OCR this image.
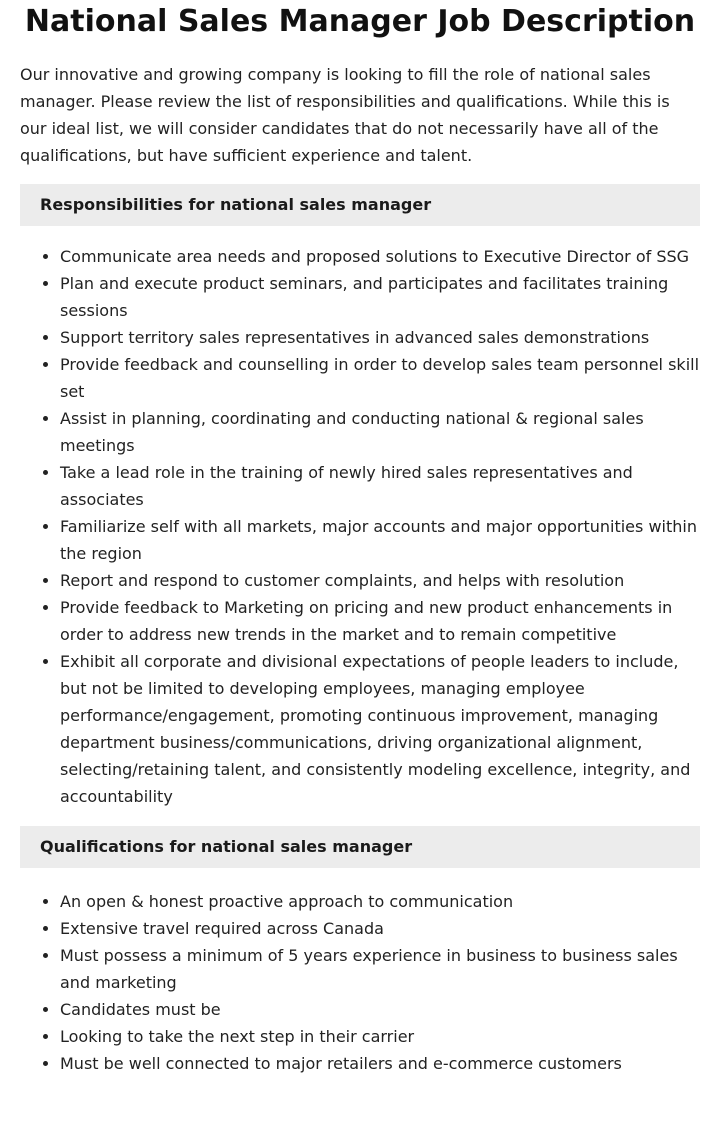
National Sales Manager Job Description

Our innovative and growing company is looking to fill the role of national sales manager. Please review the list of responsibilities and qualifications. While this is our ideal list, we will consider candidates that do not necessarily have all of the qualifications, but have sufficient experience and talent.

Responsibilities for national sales manager
• Communicate area needs and proposed solutions to Executive Director of SSG
• Plan and execute product seminars, and participates and facilitates training sessions
• Support territory sales representatives in advanced sales demonstrations
• Provide feedback and counselling in order to develop sales team personnel skill set
• Assist in planning, coordinating and conducting national & regional sales meetings
• Take a lead role in the training of newly hired sales representatives and associates
• Familiarize self with all markets, major accounts and major opportunities within the region
• Report and respond to customer complaints, and helps with resolution
• Provide feedback to Marketing on pricing and new product enhancements in order to address new trends in the market and to remain competitive
• Exhibit all corporate and divisional expectations of people leaders to include, but not be limited to developing employees, managing employee performance/engagement, promoting continuous improvement, managing department business/communications, driving organizational alignment, selecting/retaining talent, and consistently modeling excellence, integrity, and accountability
Qualifications for national sales manager
• An open & honest proactive approach to communication
• Extensive travel required across Canada
• Must possess a minimum of 5 years experience in business to business sales and marketing
• Candidates must be
• Looking to take the next step in their carrier
• Must be well connected to major retailers and e-commerce customers
